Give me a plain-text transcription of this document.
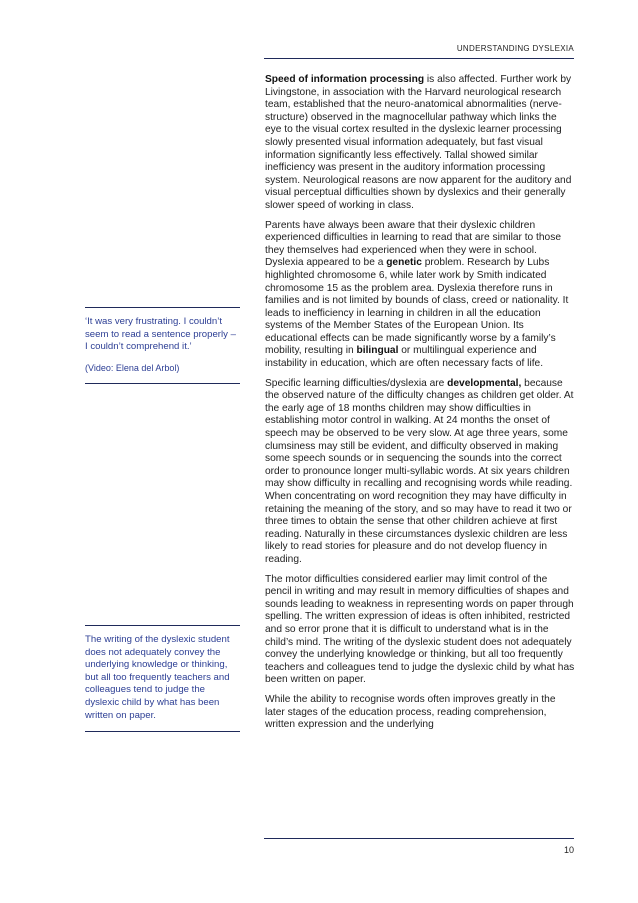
UNDERSTANDING DYSLEXIA

‘It was very frustrating. I couldn’t seem to read a sentence properly – I couldn’t comprehend it.’

(Video: Elena del Arbol)

The writing of the dyslexic student does not adequately convey the underlying knowledge or thinking, but all too frequently teachers and colleagues tend to judge the dyslexic child by what has been written on paper.

Speed of information processing is also affected. Further work by Livingstone, in association with the Harvard neurological research team, established that the neuro-anatomical abnormalities (nerve-structure) observed in the magnocellular pathway which links the eye to the visual cortex resulted in the dyslexic learner processing slowly presented visual information adequately, but fast visual information significantly less effectively. Tallal showed similar inefficiency was present in the auditory information processing system. Neurological reasons are now apparent for the auditory and visual perceptual difficulties shown by dyslexics and their generally slower speed of working in class.

Parents have always been aware that their dyslexic children experienced difficulties in learning to read that are similar to those they themselves had experienced when they were in school. Dyslexia appeared to be a genetic problem. Research by Lubs highlighted chromosome 6, while later work by Smith indicated chromosome 15 as the problem area. Dyslexia therefore runs in families and is not limited by bounds of class, creed or nationality. It leads to inefficiency in learning in children in all the education systems of the Member States of the European Union. Its educational effects can be made significantly worse by a family’s mobility, resulting in bilingual or multilingual experience and instability in education, which are often necessary facts of life.

Specific learning difficulties/dyslexia are developmental, because the observed nature of the difficulty changes as children get older. At the early age of 18 months children may show difficulties in establishing motor control in walking. At 24 months the onset of speech may be observed to be very slow. At age three years, some clumsiness may still be evident, and difficulty observed in making some speech sounds or in sequencing the sounds into the correct order to pronounce longer multi-syllabic words. At six years children may show difficulty in recalling and recognising words while reading. When concentrating on word recognition they may have difficulty in retaining the meaning of the story, and so may have to read it two or three times to obtain the sense that other children achieve at first reading. Naturally in these circumstances dyslexic children are less likely to read stories for pleasure and do not develop fluency in reading.

The motor difficulties considered earlier may limit control of the pencil in writing and may result in memory difficulties of shapes and sounds leading to weakness in representing words on paper through spelling. The written expression of ideas is often inhibited, restricted and so error prone that it is difficult to understand what is in the child’s mind. The writing of the dyslexic student does not adequately convey the underlying knowledge or thinking, but all too frequently teachers and colleagues tend to judge the dyslexic child by what has been written on paper.

While the ability to recognise words often improves greatly in the later stages of the education process, reading comprehension, written expression and the underlying

10
